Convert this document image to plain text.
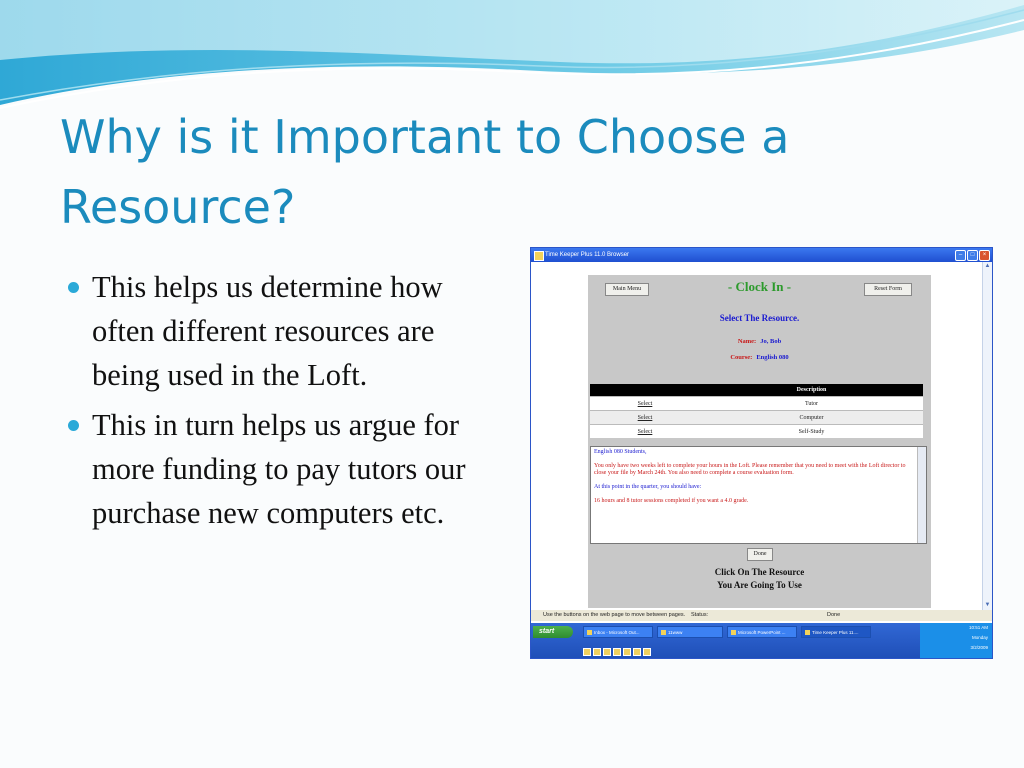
Why is it Important to Choose a Resource?
This helps us determine how often different resources are being used in the Loft.
This in turn helps us argue for more funding to pay tutors our purchase new computers etc.
Time Keeper Plus 11.0 Browser	–	□	×
Main Menu	Reset Form
- Clock In -
Select The Resource.
Name: Jo, Bob
Course: English 080
	Description
Select	Tutor
Select	Computer
Select	Self-Study

English 080 Students,

You only have two weeks left to complete your hours in the Loft. Please remember that you need to meet with the Loft director to close your file by March 24th. You also need to complete a course evaluation form.

At this point in the quarter, you should have:

16 hours and 8 tutor sessions completed if you want a 4.0 grade.

Done
Click On The Resource
You Are Going To Use
▲
▼
Use the buttons on the web page to move between pages. Status:	Done
start	Inbox - Microsoft Out...	11www	Microsoft PowerPoint ...	Time Keeper Plus 11....
10:51 AM
Monday
3/2/2009
